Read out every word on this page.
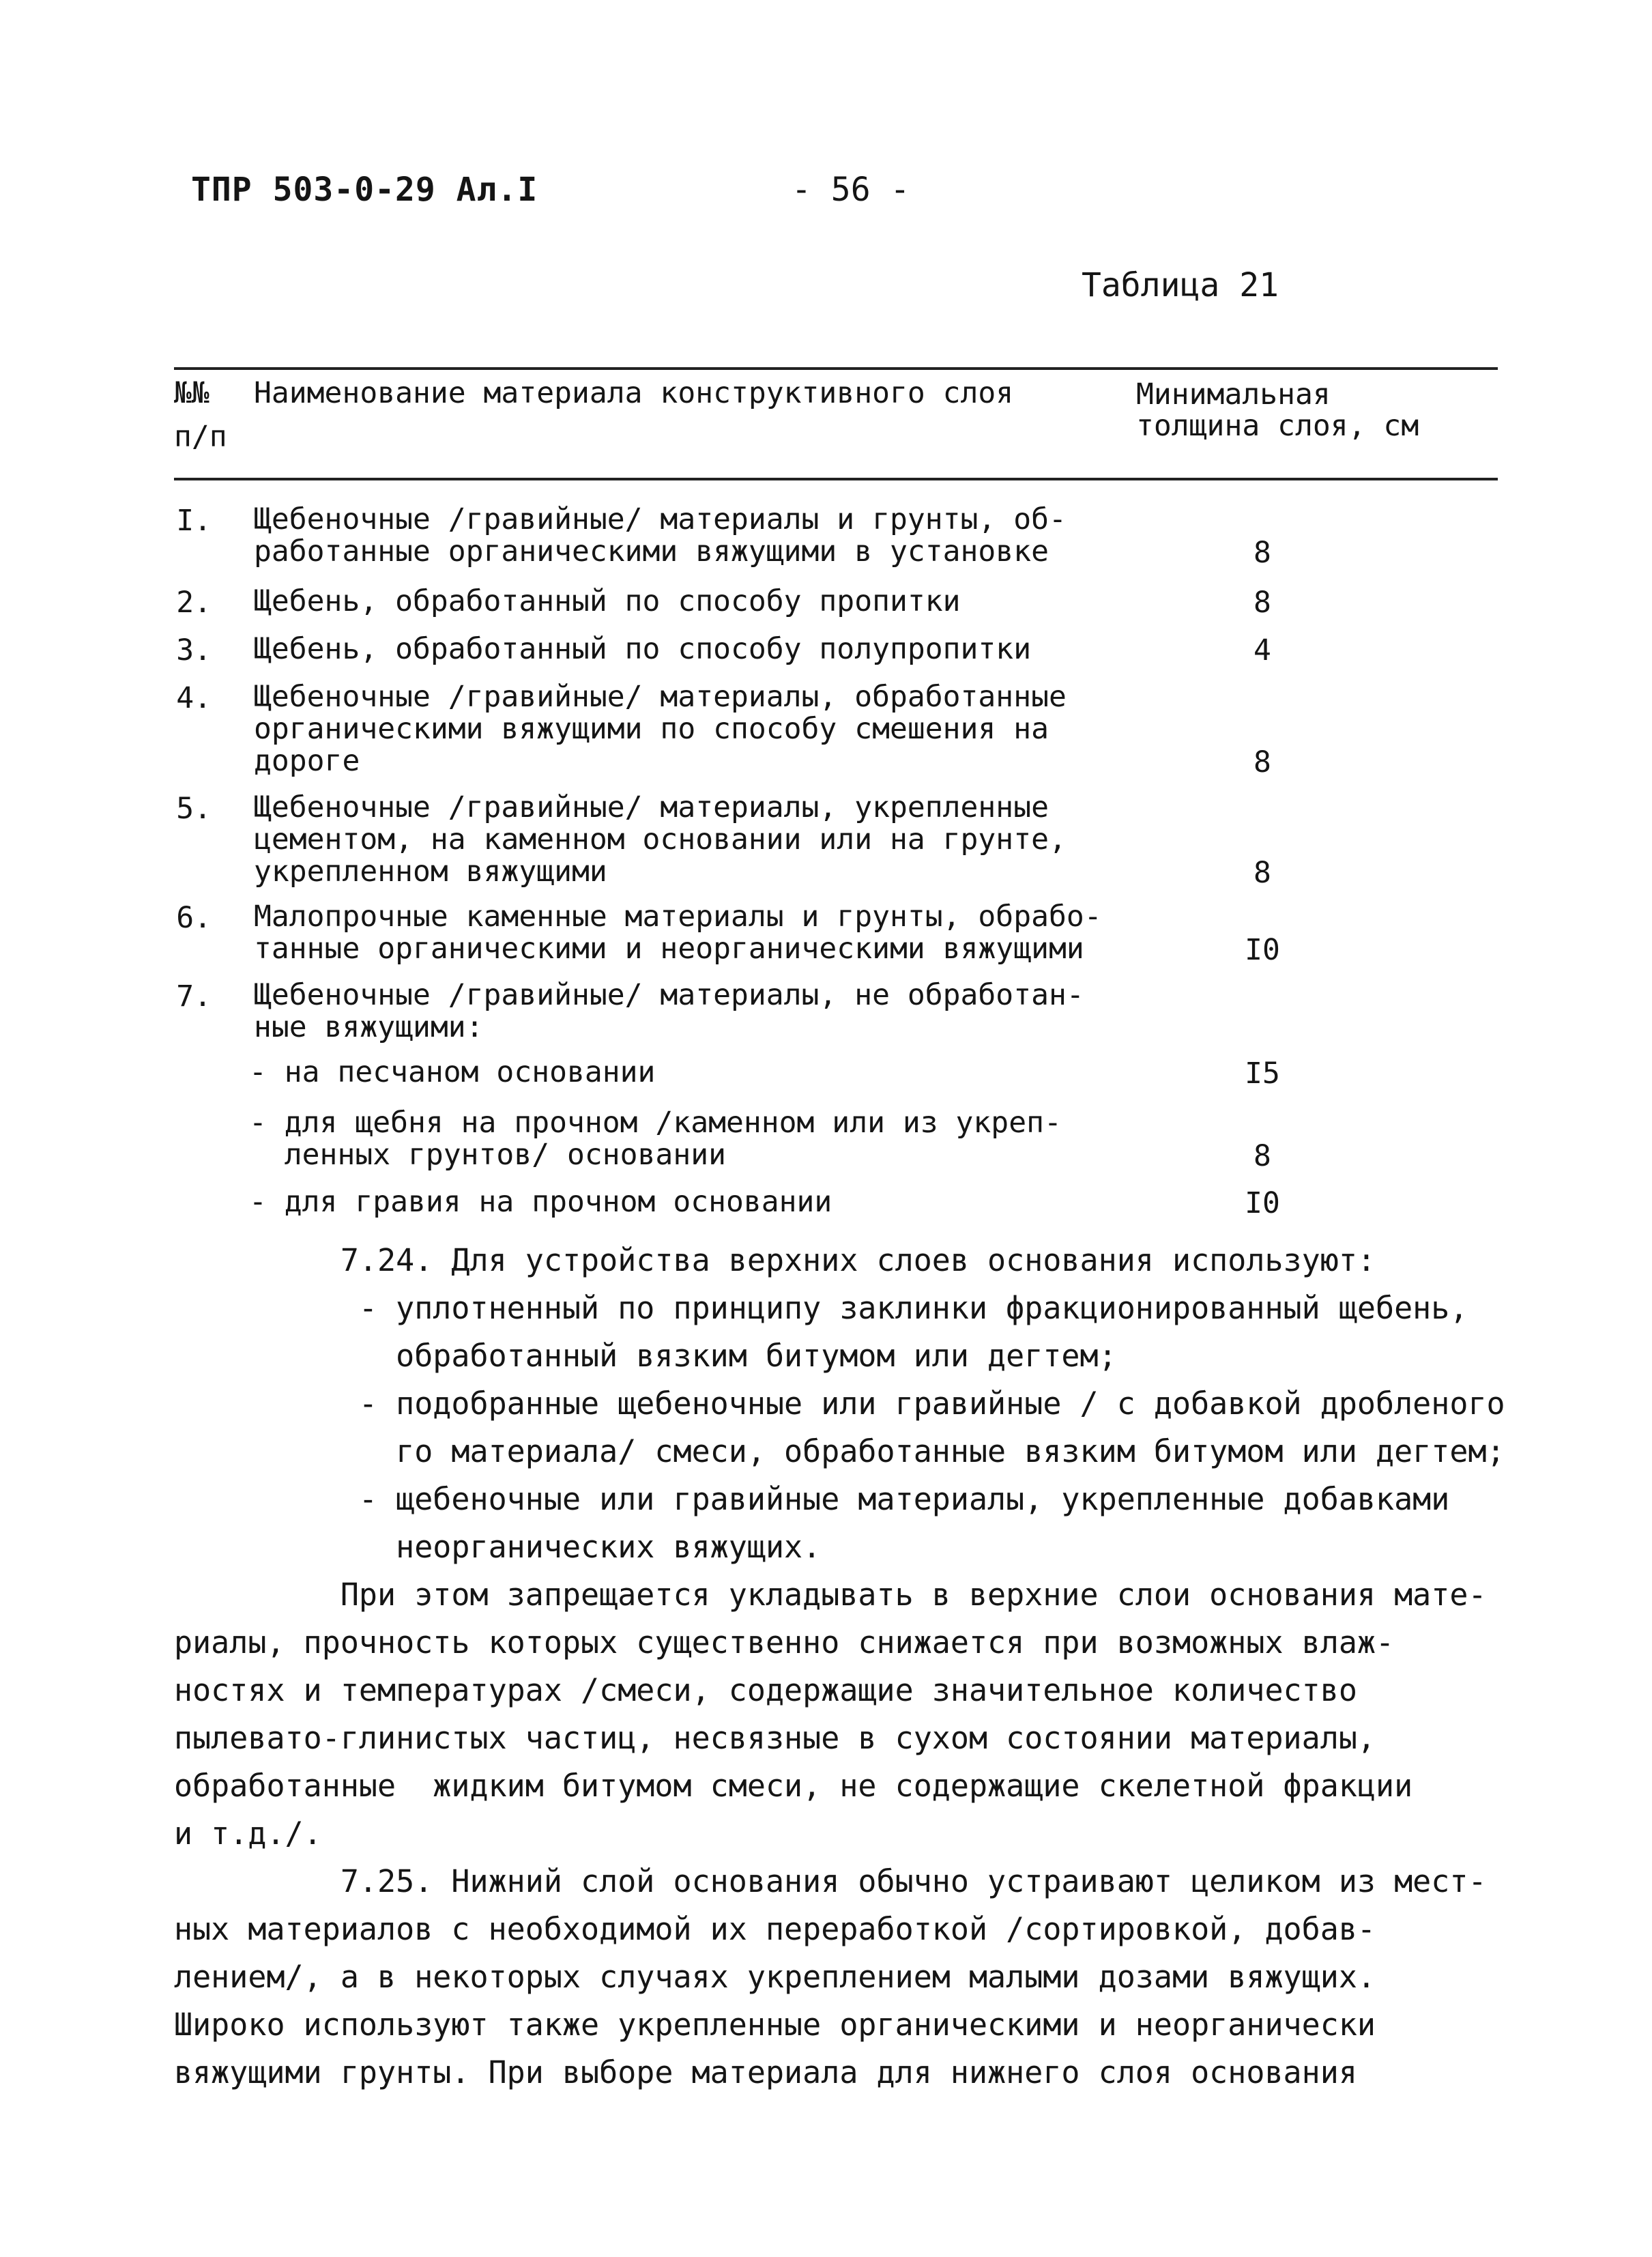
ТПР 503-0-29 Ал.I	- 56 -
Таблица 21
№№
п/п
Наименование материала конструктивного слоя	Минимальная
толщина слоя, см
I. Щебеночные /гравийные/ материалы и грунты, об-
работанные органическими вяжущими в установке	8
2. Щебень, обработанный по способу пропитки	8
3. Щебень, обработанный по способу полупропитки	4
4. Щебеночные /гравийные/ материалы, обработанные
органическими вяжущими по способу смешения на
дороге	8
5. Щебеночные /гравийные/ материалы, укрепленные
цементом, на каменном основании или на грунте,
укрепленном вяжущими	8
6. Малопрочные каменные материалы и грунты, обрабо-
танные органическими и неорганическими вяжущими	I0
7. Щебеночные /гравийные/ материалы, не обработан-
ные вяжущими:
- на песчаном основании	I5
- для щебня на прочном /каменном или из укреп-
ленных грунтов/ основании	8
- для гравия на прочном основании	I0
7.24. Для устройства верхних слоев основания используют:
- уплотненный по принципу заклинки фракционированный щебень,
обработанный вязким битумом или дегтем;
- подобранные щебеночные или гравийные / с добавкой дробленого
го материала/ смеси, обработанные вязким битумом или дегтем;
- щебеночные или гравийные материалы, укрепленные добавками
неорганических вяжущих.
При этом запрещается укладывать в верхние слои основания мате-
риалы, прочность которых существенно снижается при возможных влаж-
ностях и температурах /смеси, содержащие значительное количество
пылевато-глинистых частиц, несвязные в сухом состоянии материалы,
обработанные  жидким битумом смеси, не содержащие скелетной фракции
и т.д./.
7.25. Нижний слой основания обычно устраивают целиком из мест-
ных материалов с необходимой их переработкой /сортировкой, добав-
лением/, а в некоторых случаях укреплением малыми дозами вяжущих.
Широко используют также укрепленные органическими и неорганически
вяжущими грунты. При выборе материала для нижнего слоя основания
